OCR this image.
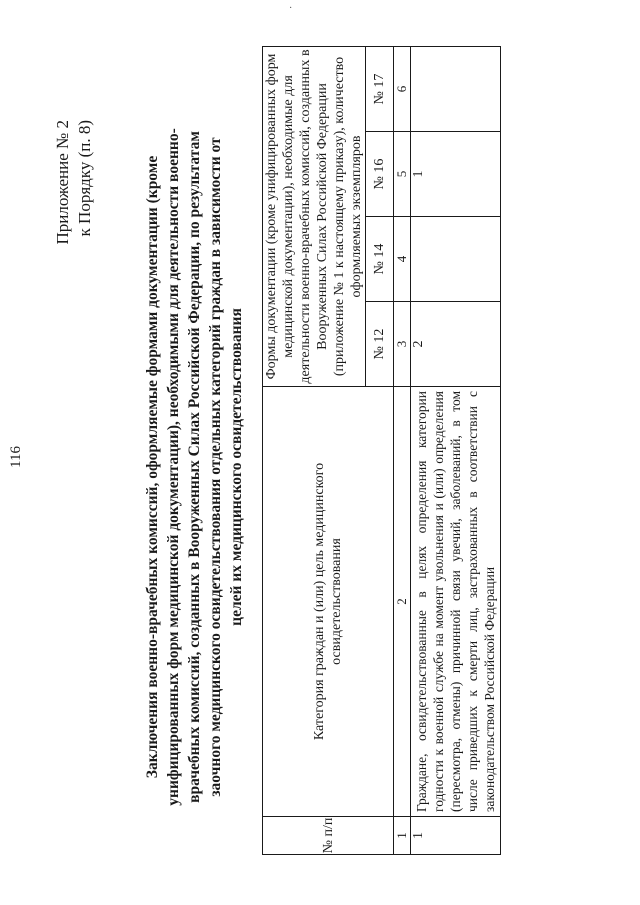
·
116
Приложение № 2 к Порядку (п. 8)	Заключения военно-врачебных комиссий, оформляемые формами документации (кроме унифицированных форм медицинской документации), необходимыми для деятельности военно-врачебных комиссий, созданных в Вооруженных Силах Российской Федерации, по результатам заочного медицинского освидетельствования отдельных категорий граждан в зависимости от целей их медицинского освидетельствования
№ п/п	Категория граждан и (или) цель медицинского освидетельствования	Формы документации (кроме унифицированных форм медицинской документации), необходимые для деятельности военно-врачебных комиссий, созданных в Вооруженных Силах Российской Федерации (приложение № 1 к настоящему приказу), количество оформляемых экземпляров			
		№ 12	№ 14	№ 16	№ 17
1	2	3	4	5	6
1	Граждане, освидетельствованные в целях определения категории годности к военной службе на момент увольнения и (или) определения (пересмотра, отмены) причинной связи увечий, заболеваний, в том числе приведших к смерти лиц, застрахованных в соответствии с законодательством Российской Федерации	2		1	
